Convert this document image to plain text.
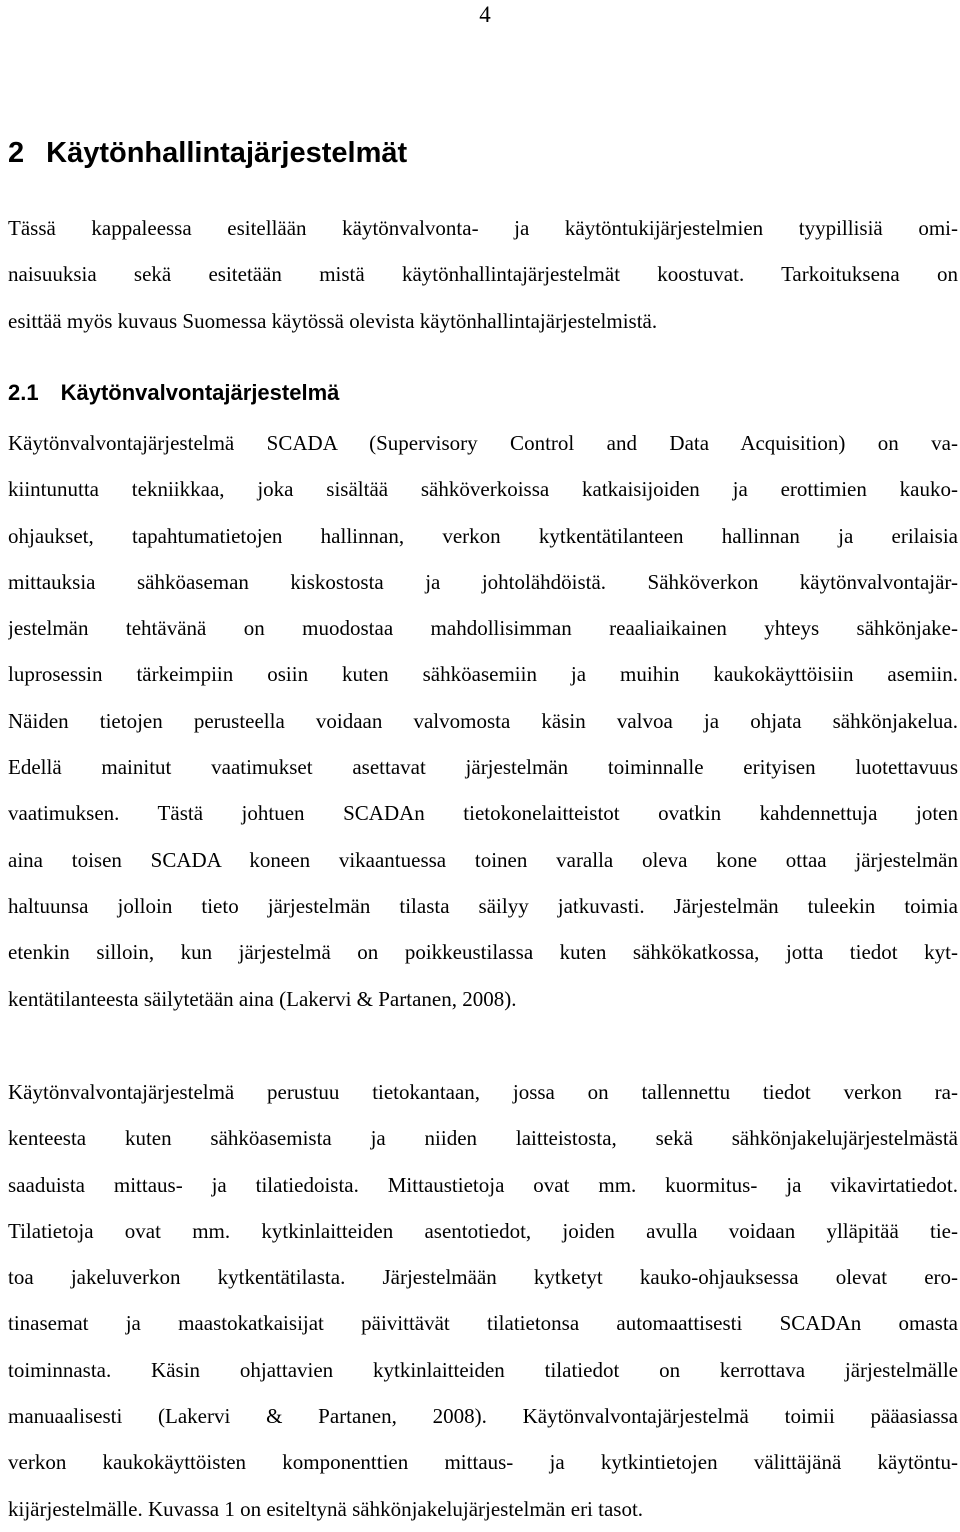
4
2 Käytönhallintajärjestelmät
Tässä kappaleessa esitellään käytönvalvonta- ja käytöntukijärjestelmien tyypillisiä omi-
naisuuksia sekä esitetään mistä käytönhallintajärjestelmät koostuvat. Tarkoituksena on
esittää myös kuvaus Suomessa käytössä olevista käytönhallintajärjestelmistä.
2.1 Käytönvalvontajärjestelmä
Käytönvalvontajärjestelmä SCADA (Supervisory Control and Data Acquisition) on va-
kiintunutta tekniikkaa, joka sisältää sähköverkoissa katkaisijoiden ja erottimien kauko-
ohjaukset, tapahtumatietojen hallinnan, verkon kytkentätilanteen hallinnan ja erilaisia
mittauksia sähköaseman kiskostosta ja johtolähdöistä. Sähköverkon käytönvalvontajär-
jestelmän tehtävänä on muodostaa mahdollisimman reaaliaikainen yhteys sähkönjake-
luprosessin tärkeimpiin osiin kuten sähköasemiin ja muihin kaukokäyttöisiin asemiin.
Näiden tietojen perusteella voidaan valvomosta käsin valvoa ja ohjata sähkönjakelua.
Edellä mainitut vaatimukset asettavat järjestelmän toiminnalle erityisen luotettavuus
vaatimuksen. Tästä johtuen SCADAn tietokonelaitteistot ovatkin kahdennettuja joten
aina toisen SCADA koneen vikaantuessa toinen varalla oleva kone ottaa järjestelmän
haltuunsa jolloin tieto järjestelmän tilasta säilyy jatkuvasti. Järjestelmän tuleekin toimia
etenkin silloin, kun järjestelmä on poikkeustilassa kuten sähkökatkossa, jotta tiedot kyt-
kentätilanteesta säilytetään aina (Lakervi & Partanen, 2008).
Käytönvalvontajärjestelmä perustuu tietokantaan, jossa on tallennettu tiedot verkon ra-
kenteesta kuten sähköasemista ja niiden laitteistosta, sekä sähkönjakelujärjestelmästä
saaduista mittaus- ja tilatiedoista. Mittaustietoja ovat mm. kuormitus- ja vikavirtatiedot.
Tilatietoja ovat mm. kytkinlaitteiden asentotiedot, joiden avulla voidaan ylläpitää tie-
toa jakeluverkon kytkentätilasta. Järjestelmään kytketyt kauko-ohjauksessa olevat ero-
tinasemat ja maastokatkaisijat päivittävät tilatietonsa automaattisesti SCADAn omasta
toiminnasta. Käsin ohjattavien kytkinlaitteiden tilatiedot on kerrottava järjestelmälle
manuaalisesti (Lakervi & Partanen, 2008). Käytönvalvontajärjestelmä toimii pääasiassa
verkon kaukokäyttöisten komponenttien mittaus- ja kytkintietojen välittäjänä käytöntu-
kijärjestelmälle. Kuvassa 1 on esiteltynä sähkönjakelujärjestelmän eri tasot.
